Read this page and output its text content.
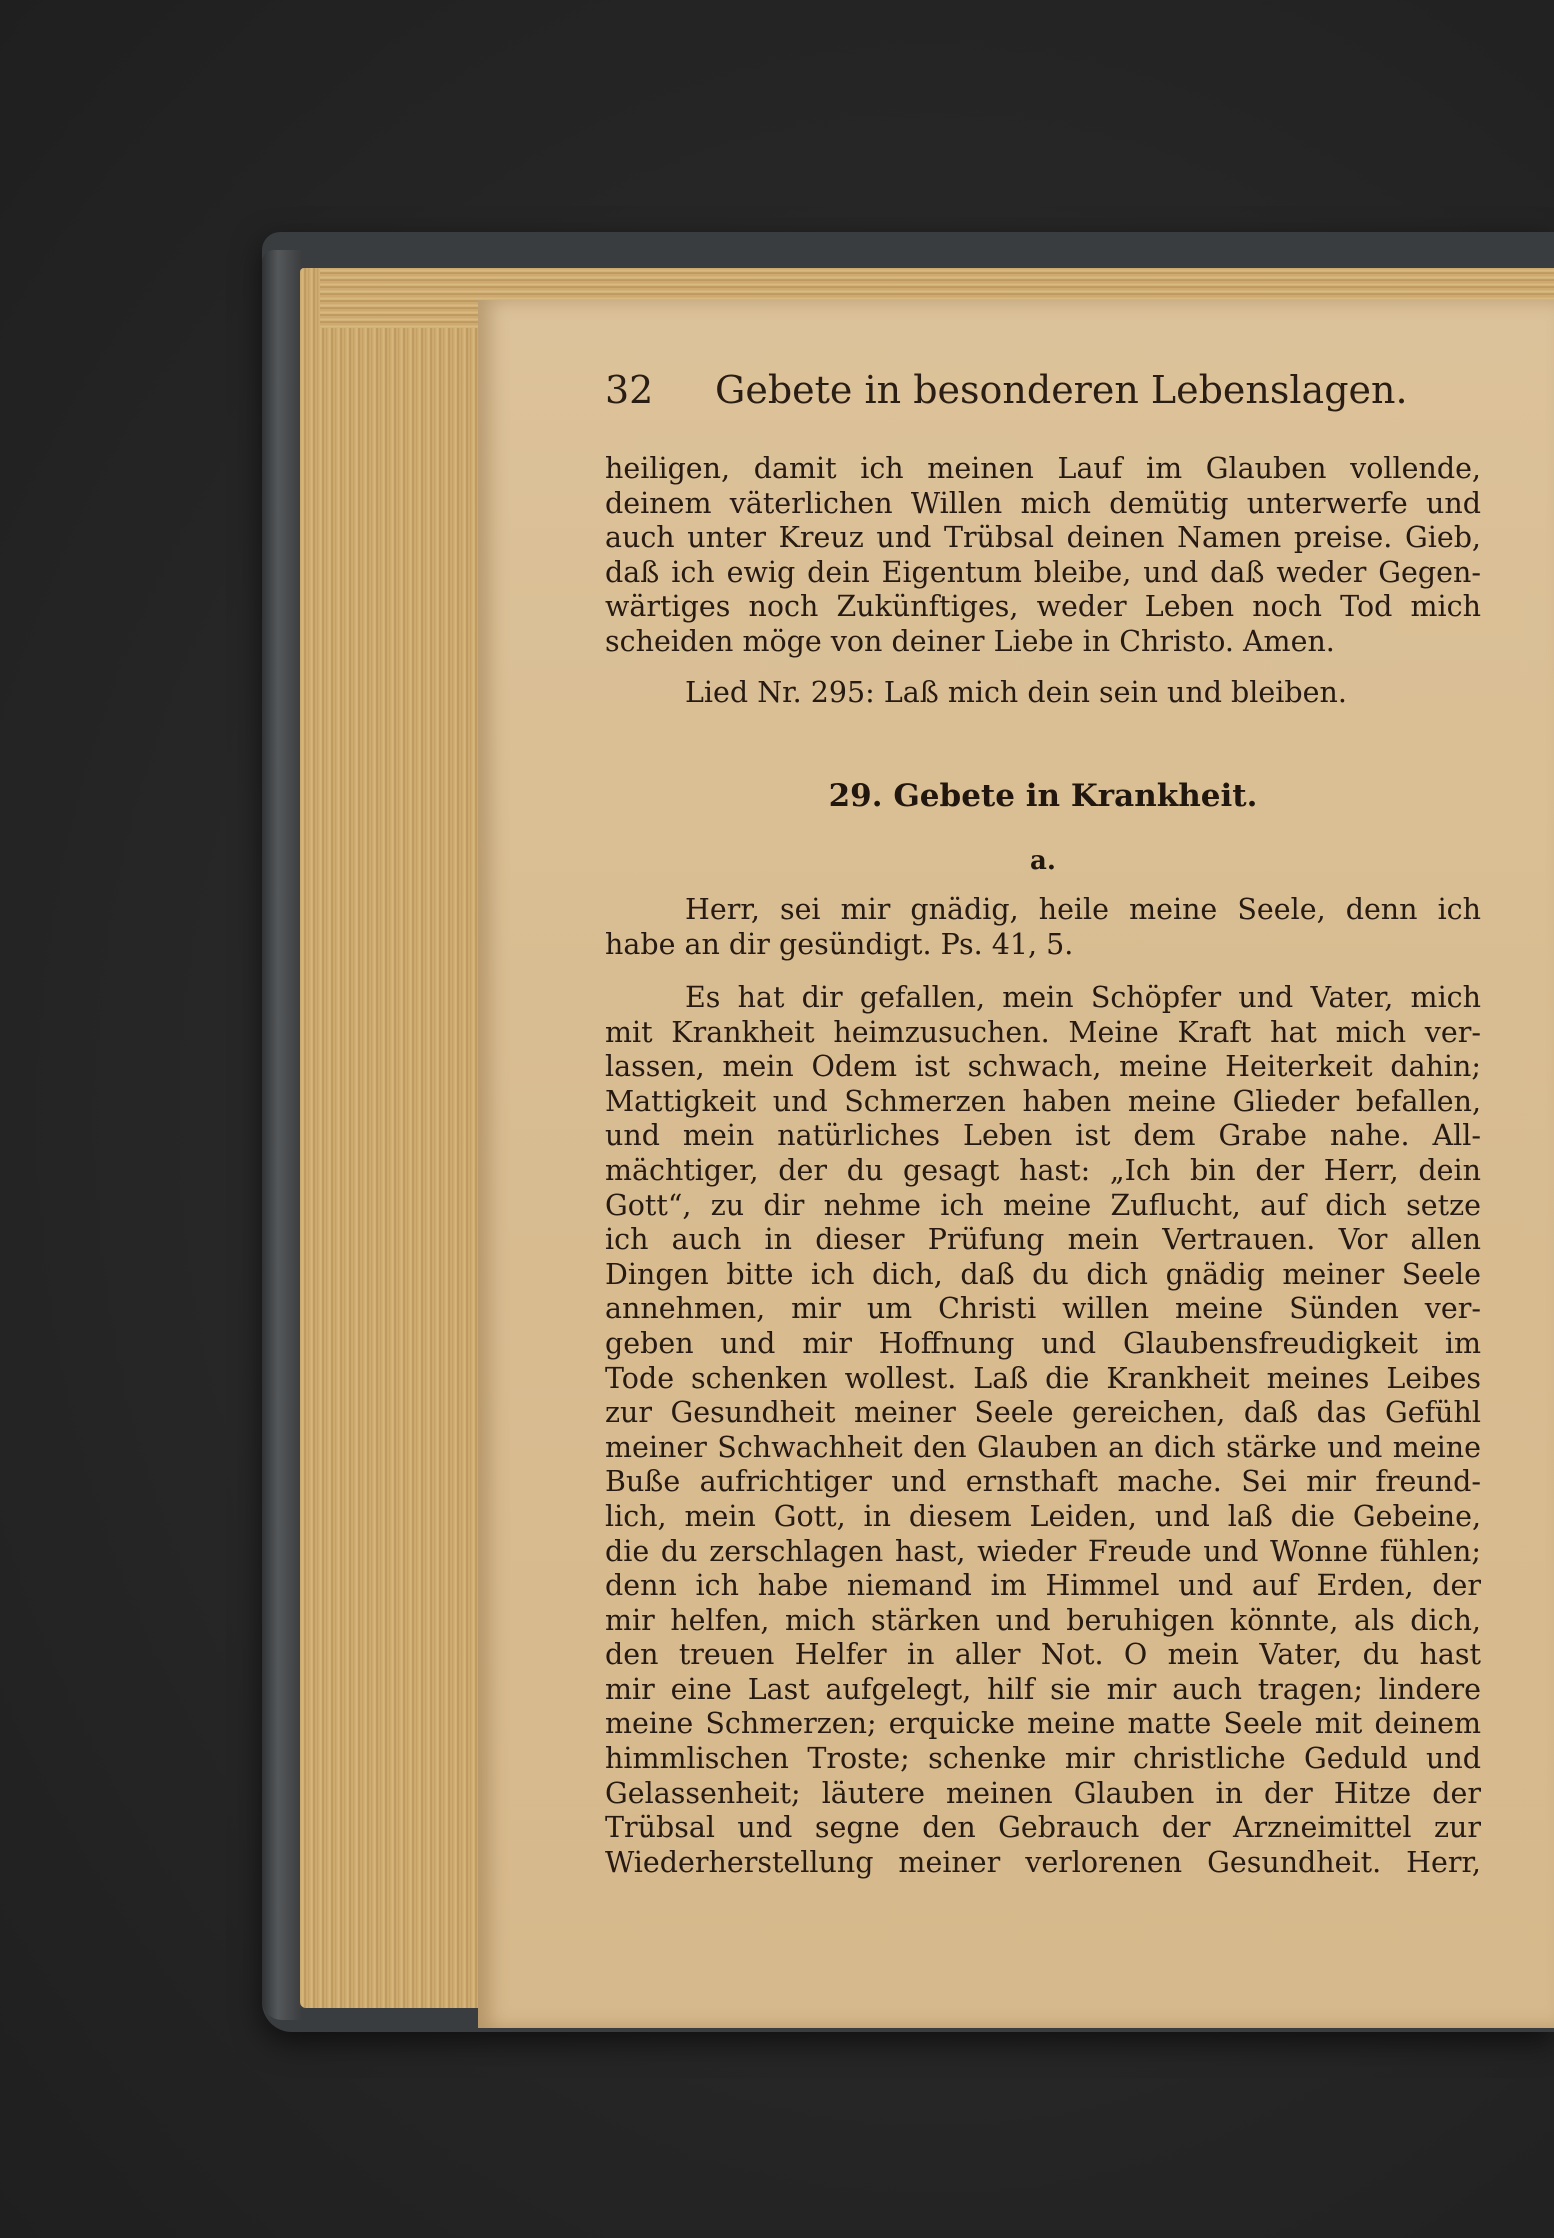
32 Gebete in besonderen Lebenslagen.

heiligen, damit ich meinen Lauf im Glauben vollende,

deinem väterlichen Willen mich demütig unterwerfe und

auch unter Kreuz und Trübsal deinen Namen preise. Gieb,

daß ich ewig dein Eigentum bleibe, und daß weder Gegen-

wärtiges noch Zukünftiges, weder Leben noch Tod mich

scheiden möge von deiner Liebe in Christo. Amen.

Lied Nr. 295: Laß mich dein sein und bleiben.
29. Gebete in Krankheit.
a.

Herr, sei mir gnädig, heile meine Seele, denn ich

habe an dir gesündigt. Ps. 41, 5.

Es hat dir gefallen, mein Schöpfer und Vater, mich

mit Krankheit heimzusuchen. Meine Kraft hat mich ver-

lassen, mein Odem ist schwach, meine Heiterkeit dahin;

Mattigkeit und Schmerzen haben meine Glieder befallen,

und mein natürliches Leben ist dem Grabe nahe. All-

mächtiger, der du gesagt hast: „Ich bin der Herr, dein

Gott“, zu dir nehme ich meine Zuflucht, auf dich setze

ich auch in dieser Prüfung mein Vertrauen. Vor allen

Dingen bitte ich dich, daß du dich gnädig meiner Seele

annehmen, mir um Christi willen meine Sünden ver-

geben und mir Hoffnung und Glaubensfreudigkeit im

Tode schenken wollest. Laß die Krankheit meines Leibes

zur Gesundheit meiner Seele gereichen, daß das Gefühl

meiner Schwachheit den Glauben an dich stärke und meine

Buße aufrichtiger und ernsthaft mache. Sei mir freund-

lich, mein Gott, in diesem Leiden, und laß die Gebeine,

die du zerschlagen hast, wieder Freude und Wonne fühlen;

denn ich habe niemand im Himmel und auf Erden, der

mir helfen, mich stärken und beruhigen könnte, als dich,

den treuen Helfer in aller Not. O mein Vater, du hast

mir eine Last aufgelegt, hilf sie mir auch tragen; lindere

meine Schmerzen; erquicke meine matte Seele mit deinem

himmlischen Troste; schenke mir christliche Geduld und

Gelassenheit; läutere meinen Glauben in der Hitze der

Trübsal und segne den Gebrauch der Arzneimittel zur

Wiederherstellung meiner verlorenen Gesundheit. Herr,
